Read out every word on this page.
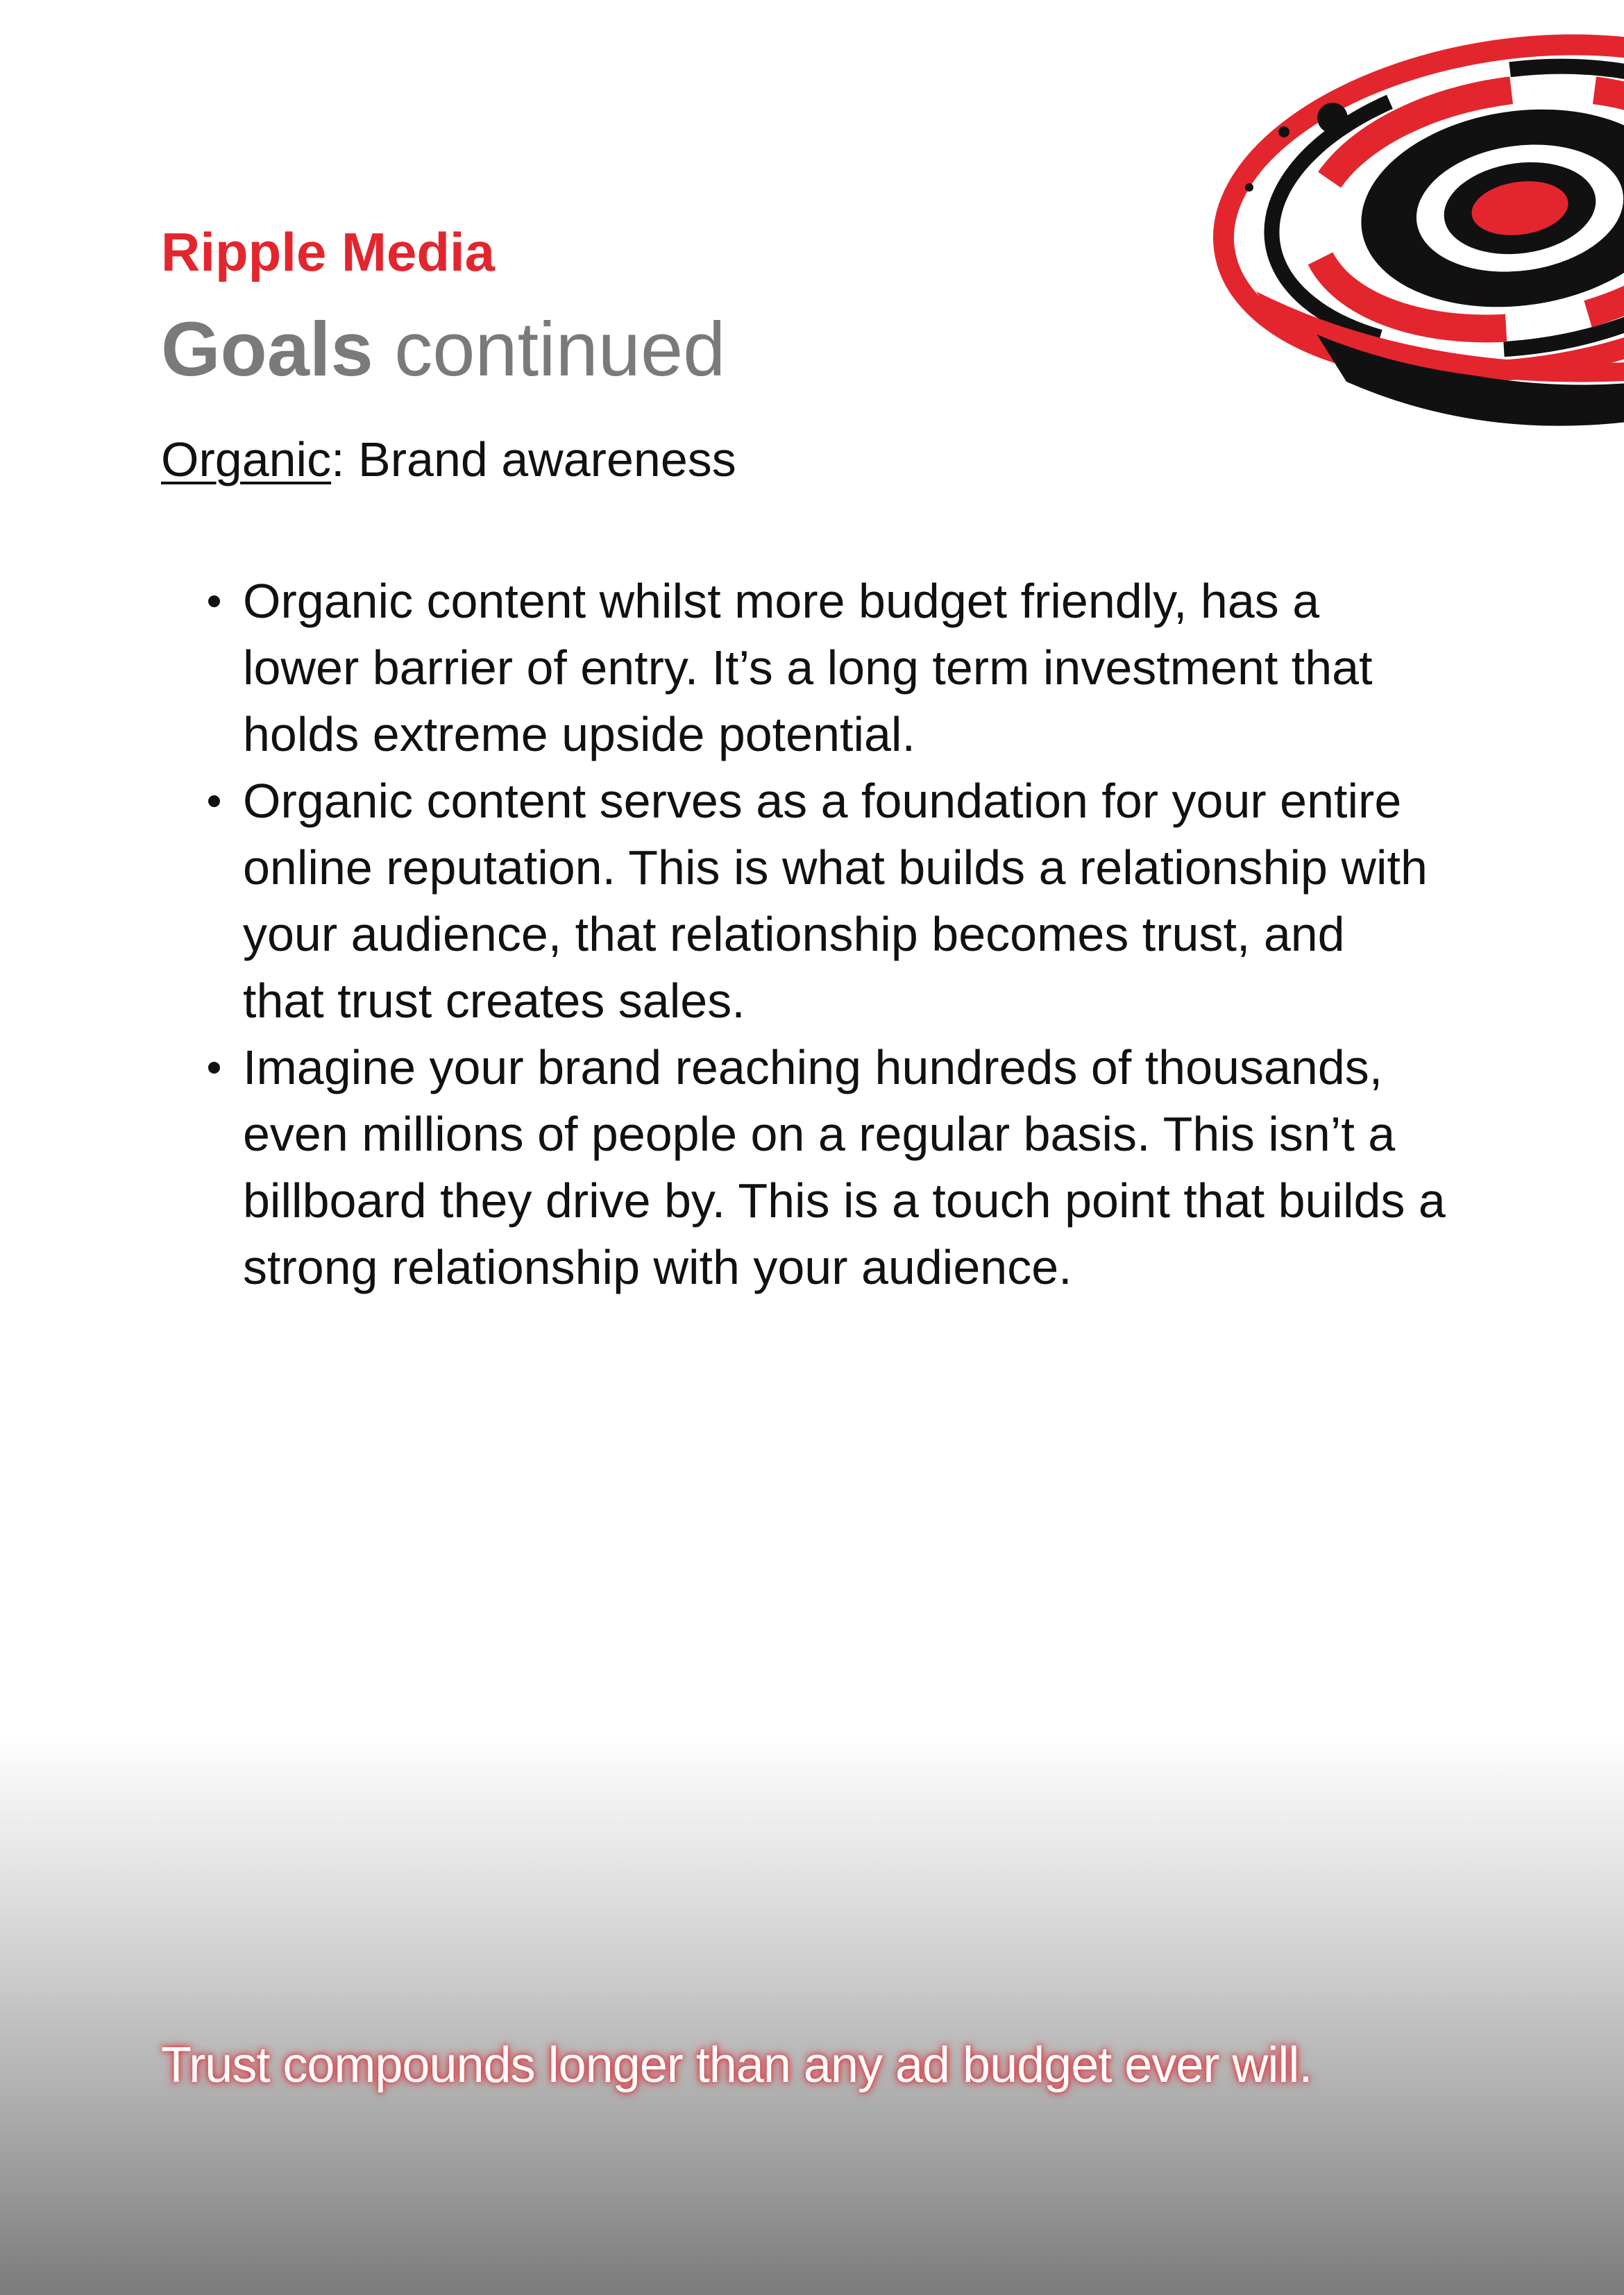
Ripple Media
Goals continued
Organic: Brand awareness
Organic content whilst more budget friendly, has a
lower barrier of entry. It’s a long term investment that
holds extreme upside potential.
Organic content serves as a foundation for your entire
online reputation. This is what builds a relationship with
your audience, that relationship becomes trust, and
that trust creates sales.
Imagine your brand reaching hundreds of thousands,
even millions of people on a regular basis. This isn’t a
billboard they drive by. This is a touch point that builds a
strong relationship with your audience.
Trust compounds longer than any ad budget ever will.
